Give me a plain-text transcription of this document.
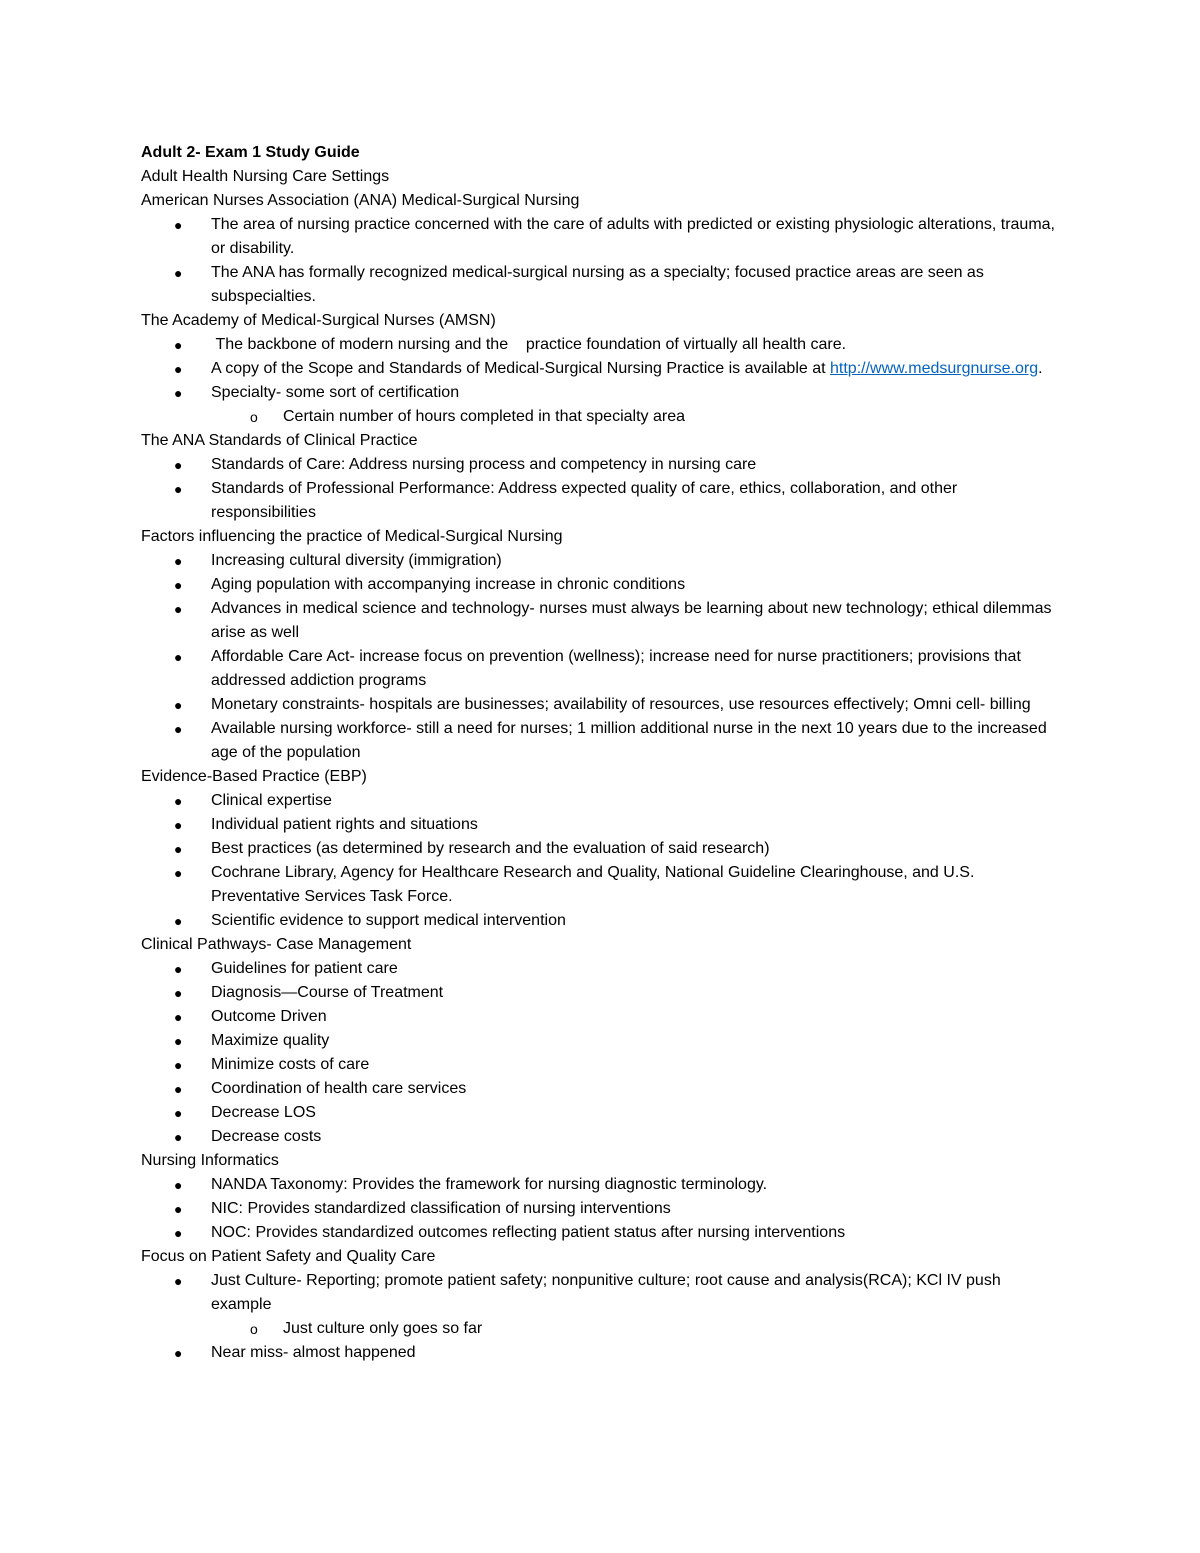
Adult 2- Exam 1 Study Guide
Adult Health Nursing Care Settings
American Nurses Association (ANA) Medical-Surgical Nursing
● The area of nursing practice concerned with the care of adults with predicted or existing physiologic alterations, trauma, or disability.
● The ANA has formally recognized medical-surgical nursing as a specialty; focused practice areas are seen as subspecialties.
The Academy of Medical-Surgical Nurses (AMSN)
● The backbone of modern nursing and the    practice foundation of virtually all health care.
● A copy of the Scope and Standards of Medical-Surgical Nursing Practice is available at http://www.medsurgnurse.org.
● Specialty- some sort of certification
o Certain number of hours completed in that specialty area
The ANA Standards of Clinical Practice
● Standards of Care: Address nursing process and competency in nursing care
● Standards of Professional Performance: Address expected quality of care, ethics, collaboration, and other responsibilities
Factors influencing the practice of Medical-Surgical Nursing
● Increasing cultural diversity (immigration)
● Aging population with accompanying increase in chronic conditions
● Advances in medical science and technology- nurses must always be learning about new technology; ethical dilemmas arise as well
● Affordable Care Act- increase focus on prevention (wellness); increase need for nurse practitioners; provisions that addressed addiction programs
● Monetary constraints- hospitals are businesses; availability of resources, use resources effectively; Omni cell- billing
● Available nursing workforce- still a need for nurses; 1 million additional nurse in the next 10 years due to the increased age of the population
Evidence-Based Practice (EBP)
● Clinical expertise
● Individual patient rights and situations
● Best practices (as determined by research and the evaluation of said research)
● Cochrane Library, Agency for Healthcare Research and Quality, National Guideline Clearinghouse, and U.S. Preventative Services Task Force.
● Scientific evidence to support medical intervention
Clinical Pathways- Case Management
● Guidelines for patient care
● Diagnosis—Course of Treatment
● Outcome Driven
● Maximize quality
● Minimize costs of care
● Coordination of health care services
● Decrease LOS
● Decrease costs
Nursing Informatics
● NANDA Taxonomy: Provides the framework for nursing diagnostic terminology.
● NIC: Provides standardized classification of nursing interventions
● NOC: Provides standardized outcomes reflecting patient status after nursing interventions
Focus on Patient Safety and Quality Care
● Just Culture- Reporting; promote patient safety; nonpunitive culture; root cause and analysis(RCA); KCl IV push example
o Just culture only goes so far
● Near miss- almost happened
